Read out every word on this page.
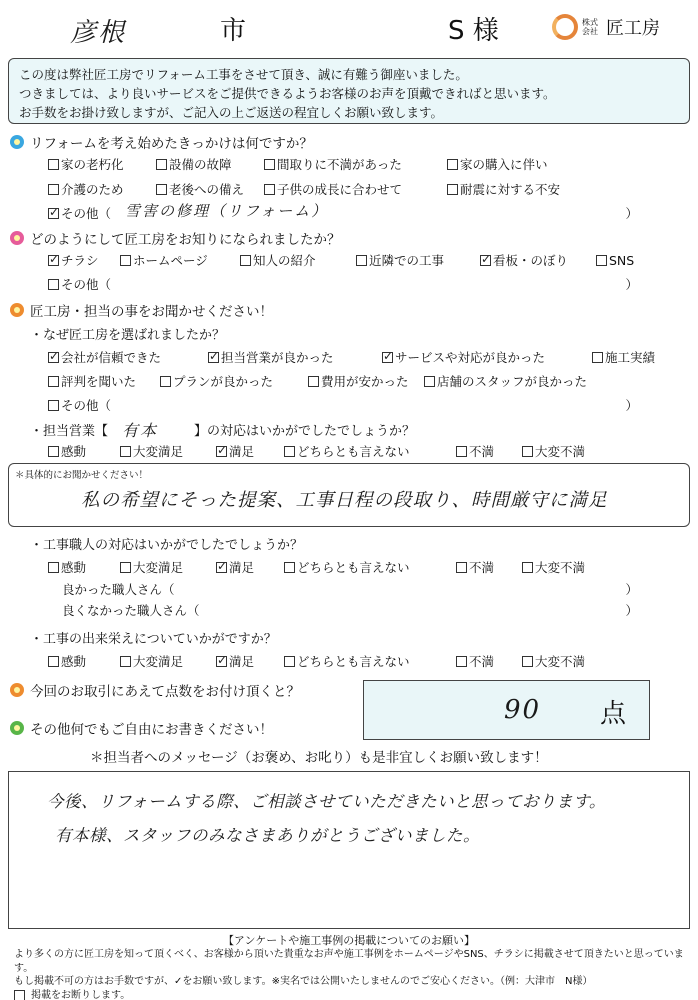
彦根	市	S 様	株式会社 匠工房
この度は弊社匠工房でリフォーム工事をさせて頂き、誠に有難う御座いました。
つきましては、より良いサービスをご提供できるようお客様のお声を頂戴できればと思います。
お手数をお掛け致しますが、ご記入の上ご返送の程宜しくお願い致します。
リフォームを考え始めたきっかけは何ですか？
家の老朽化	設備の故障	間取りに不満があった	家の購入に伴い
介護のため	老後への備え	子供の成長に合わせて	耐震に対する不安
✓
その他（ 雪害の修理（リフォーム）	）
どのようにして匠工房をお知りになられましたか？
✓
チラシ	ホームページ	知人の紹介	近隣での工事 ✓	看板・のぼり	SNS
その他（	）
匠工房・担当の事をお聞かせください！
・なぜ匠工房を選ばれましたか？
✓
会社が信頼できた ✓	担当営業が良かった ✓	サービスや対応が良かった	施工実績
評判を聞いた	プランが良かった	費用が安かった 店舗のスタッフが良かった
その他（	）
・担当営業【 有本	】の対応はいかがでしたでしょうか？
感動	大変満足 ✓	満足	どちらとも言えない	不満	大変不満
＊具体的にお聞かせください！
私の希望にそった提案、工事日程の段取り、時間厳守に満足
・工事職人の対応はいかがでしたでしょうか？
感動	大変満足 ✓	満足	どちらとも言えない	不満	大変不満
良かった職人さん（	）
良くなかった職人さん（	）
・工事の出来栄えについていかがですか？
感動	大変満足 ✓	満足	どちらとも言えない	不満	大変不満
今回のお取引にあえて点数をお付け頂くと？
90 点
その他何でもご自由にお書きください！
＊担当者へのメッセージ（お褒め、お叱り）も是非宜しくお願い致します！
今後、リフォームする際、ご相談させていただきたいと思っております。
有本様、スタッフのみなさまありがとうございました。
【アンケートや施工事例の掲載についてのお願い】
より多くの方に匠工房を知って頂くべく、お客様から頂いた貴重なお声や施工事例をホームページやSNS、チラシに掲載させて頂きたいと思っています。
もし掲載不可の方はお手数ですが、✓をお願い致します。※実名では公開いたしませんのでご安心ください。（例：大津市　N様）
掲載をお断りします。
